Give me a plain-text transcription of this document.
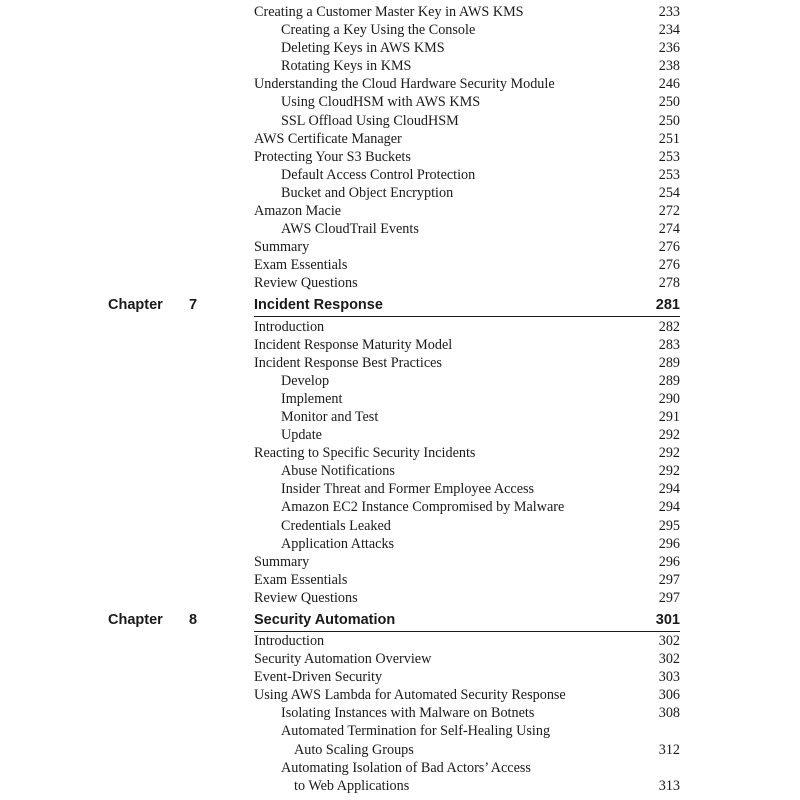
Creating a Customer Master Key in AWS KMS	233
Creating a Key Using the Console	234
Deleting Keys in AWS KMS	236
Rotating Keys in KMS	238
Understanding the Cloud Hardware Security Module	246
Using CloudHSM with AWS KMS	250
SSL Offload Using CloudHSM	250
AWS Certificate Manager	251
Protecting Your S3 Buckets	253
Default Access Control Protection	253
Bucket and Object Encryption	254
Amazon Macie	272
AWS CloudTrail Events	274
Summary	276
Exam Essentials	276
Review Questions	278
Chapter 7	Incident Response	281
Introduction	282
Incident Response Maturity Model	283
Incident Response Best Practices	289
Develop	289
Implement	290
Monitor and Test	291
Update	292
Reacting to Specific Security Incidents	292
Abuse Notifications	292
Insider Threat and Former Employee Access	294
Amazon EC2 Instance Compromised by Malware	294
Credentials Leaked	295
Application Attacks	296
Summary	296
Exam Essentials	297
Review Questions	297
Chapter 8	Security Automation	301
Introduction	302
Security Automation Overview	302
Event-Driven Security	303
Using AWS Lambda for Automated Security Response	306
Isolating Instances with Malware on Botnets	308
Automated Termination for Self-Healing Using
Auto Scaling Groups	312
Automating Isolation of Bad Actors’ Access
to Web Applications	313
